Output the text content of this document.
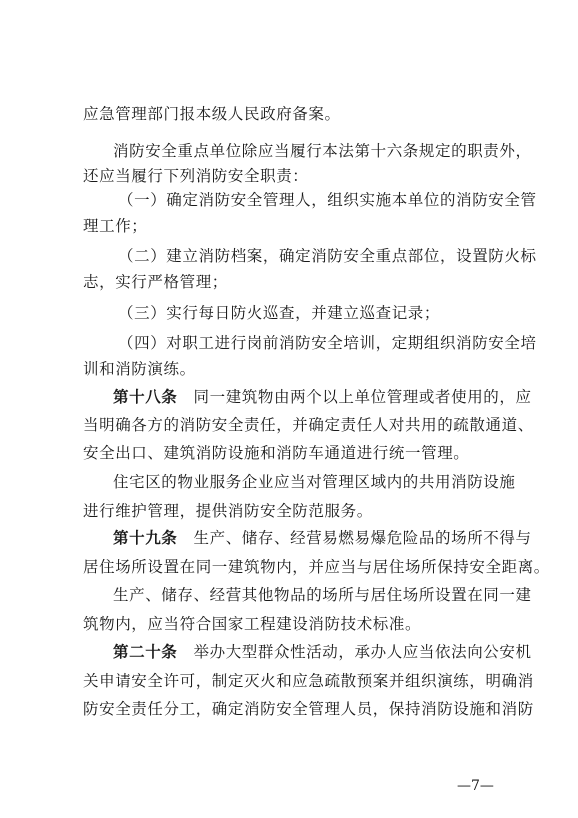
应急管理部门报本级人民政府备案。
消防安全重点单位除应当履行本法第十六条规定的职责外，
还应当履行下列消防安全职责：
（一）确定消防安全管理人，组织实施本单位的消防安全管
理工作；
（二）建立消防档案，确定消防安全重点部位，设置防火标
志，实行严格管理；
（三）实行每日防火巡查，并建立巡查记录；
（四）对职工进行岗前消防安全培训，定期组织消防安全培
训和消防演练。
第十八条　同一建筑物由两个以上单位管理或者使用的，应
当明确各方的消防安全责任，并确定责任人对共用的疏散通道、
安全出口、建筑消防设施和消防车通道进行统一管理。
住宅区的物业服务企业应当对管理区域内的共用消防设施
进行维护管理，提供消防安全防范服务。
第十九条　生产、储存、经营易燃易爆危险品的场所不得与
居住场所设置在同一建筑物内，并应当与居住场所保持安全距离。
生产、储存、经营其他物品的场所与居住场所设置在同一建
筑物内，应当符合国家工程建设消防技术标准。
第二十条　举办大型群众性活动，承办人应当依法向公安机
关申请安全许可，制定灭火和应急疏散预案并组织演练，明确消
防安全责任分工，确定消防安全管理人员，保持消防设施和消防
—7—
